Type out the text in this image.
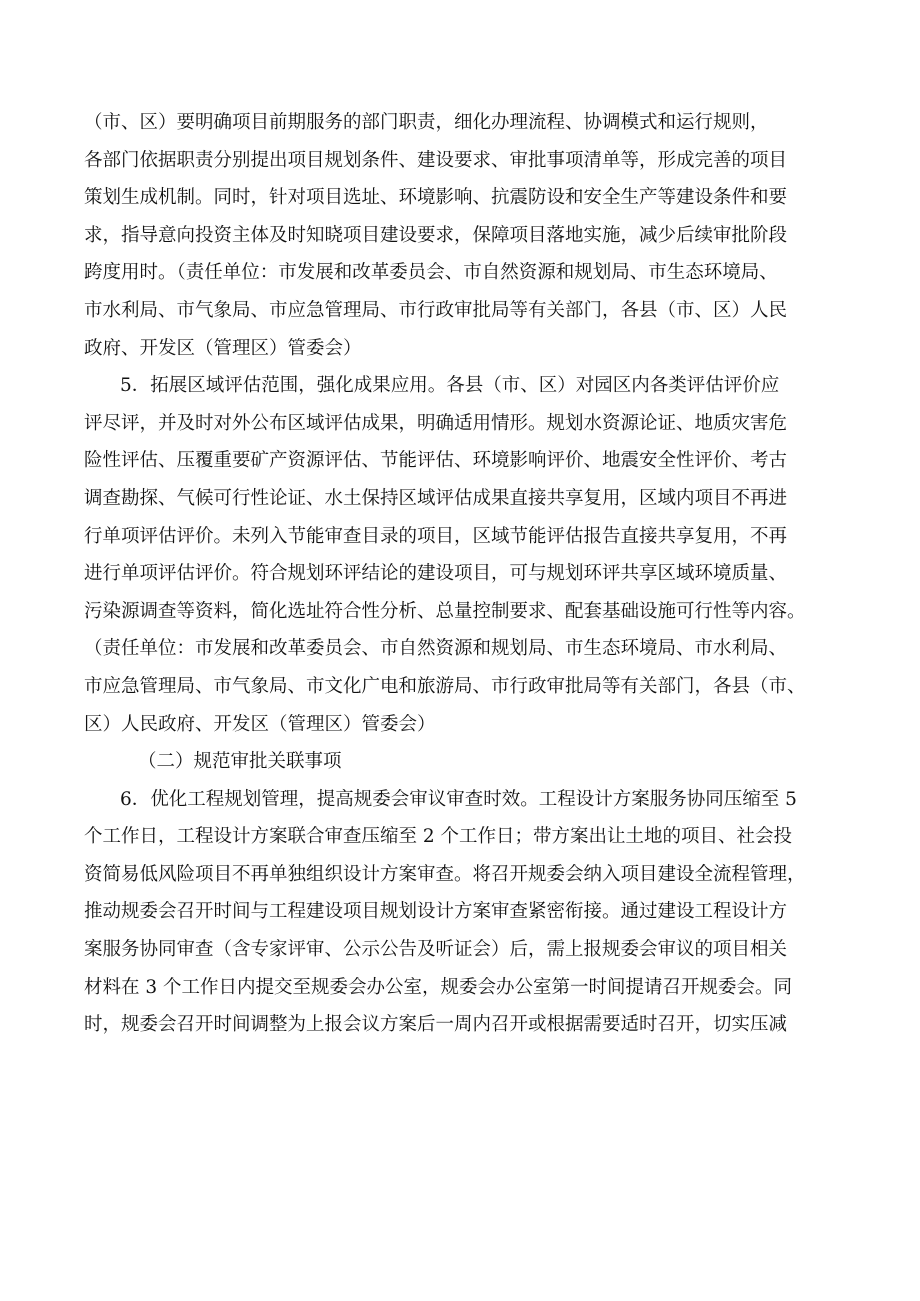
（市、区）要明确项目前期服务的部门职责，细化办理流程、协调模式和运行规则，
各部门依据职责分别提出项目规划条件、建设要求、审批事项清单等，形成完善的项目
策划生成机制。同时，针对项目选址、环境影响、抗震防设和安全生产等建设条件和要
求，指导意向投资主体及时知晓项目建设要求，保障项目落地实施，减少后续审批阶段
跨度用时。（责任单位：市发展和改革委员会、市自然资源和规划局、市生态环境局、
市水利局、市气象局、市应急管理局、市行政审批局等有关部门，各县（市、区）人民
政府、开发区（管理区）管委会）
5．拓展区域评估范围，强化成果应用。各县（市、区）对园区内各类评估评价应
评尽评，并及时对外公布区域评估成果，明确适用情形。规划水资源论证、地质灾害危
险性评估、压覆重要矿产资源评估、节能评估、环境影响评价、地震安全性评价、考古
调查勘探、气候可行性论证、水土保持区域评估成果直接共享复用，区域内项目不再进
行单项评估评价。未列入节能审查目录的项目，区域节能评估报告直接共享复用，不再
进行单项评估评价。符合规划环评结论的建设项目，可与规划环评共享区域环境质量、
污染源调查等资料，简化选址符合性分析、总量控制要求、配套基础设施可行性等内容。
（责任单位：市发展和改革委员会、市自然资源和规划局、市生态环境局、市水利局、
市应急管理局、市气象局、市文化广电和旅游局、市行政审批局等有关部门，各县（市、
区）人民政府、开发区（管理区）管委会）
（二）规范审批关联事项
6．优化工程规划管理，提高规委会审议审查时效。工程设计方案服务协同压缩至 5
个工作日，工程设计方案联合审查压缩至 2 个工作日；带方案出让土地的项目、社会投
资简易低风险项目不再单独组织设计方案审查。将召开规委会纳入项目建设全流程管理，
推动规委会召开时间与工程建设项目规划设计方案审查紧密衔接。通过建设工程设计方
案服务协同审查（含专家评审、公示公告及听证会）后，需上报规委会审议的项目相关
材料在 3 个工作日内提交至规委会办公室，规委会办公室第一时间提请召开规委会。同
时，规委会召开时间调整为上报会议方案后一周内召开或根据需要适时召开，切实压减
